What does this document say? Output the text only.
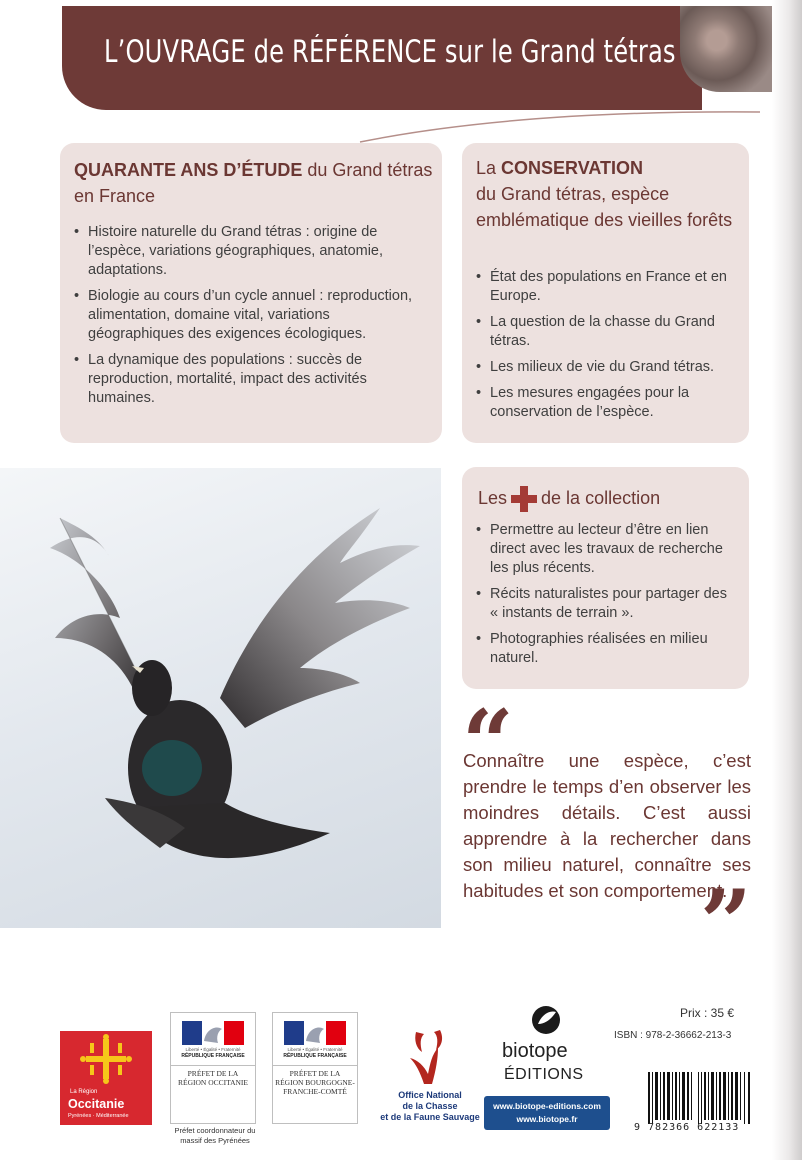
L’OUVRAGE de RÉFÉRENCE sur le Grand tétras
QUARANTE ANS D’ÉTUDE du Grand tétras en France
• Histoire naturelle du Grand tétras : origine de l’espèce, variations géographiques, anatomie, adaptations.
• Biologie au cours d’un cycle annuel : reproduction, alimentation, domaine vital, variations géographiques des exigences écologiques.
• La dynamique des populations : succès de reproduction, mortalité, impact des activités humaines.
La CONSERVATION
du Grand tétras, espèce emblématique des vieilles forêts
• État des populations en France et en Europe.
• La question de la chasse du Grand tétras.
• Les milieux de vie du Grand tétras.
• Les mesures engagées pour la conservation de l’espèce.
Les de la collection
• Permettre au lecteur d’être en lien direct avec les travaux de recherche les plus récents.
• Récits naturalistes pour partager des « instants de terrain ».
• Photographies réalisées en milieu naturel.
“
Connaître une espèce, c’est prendre le temps d’en observer les moindres détails. C’est aussi apprendre à la rechercher dans son milieu naturel, connaître ses habitudes et son comportement.
”
La Région
Occitanie
Pyrénées · Méditerranée
Liberté • Égalité • Fraternité
RÉPUBLIQUE FRANÇAISE
PRÉFET DE LA RÉGION OCCITANIE
Préfet coordonnateur du massif des Pyrénées
Liberté • Égalité • Fraternité
RÉPUBLIQUE FRANÇAISE
PRÉFET DE LA RÉGION BOURGOGNE-FRANCHE-COMTÉ	Office National
de la Chasse
et de la Faune Sauvage
biotope
ÉDITIONS
www.biotope-editions.com
www.biotope.fr
Prix : 35 €
ISBN : 978-2-36662-213-3
9 782366 622133
